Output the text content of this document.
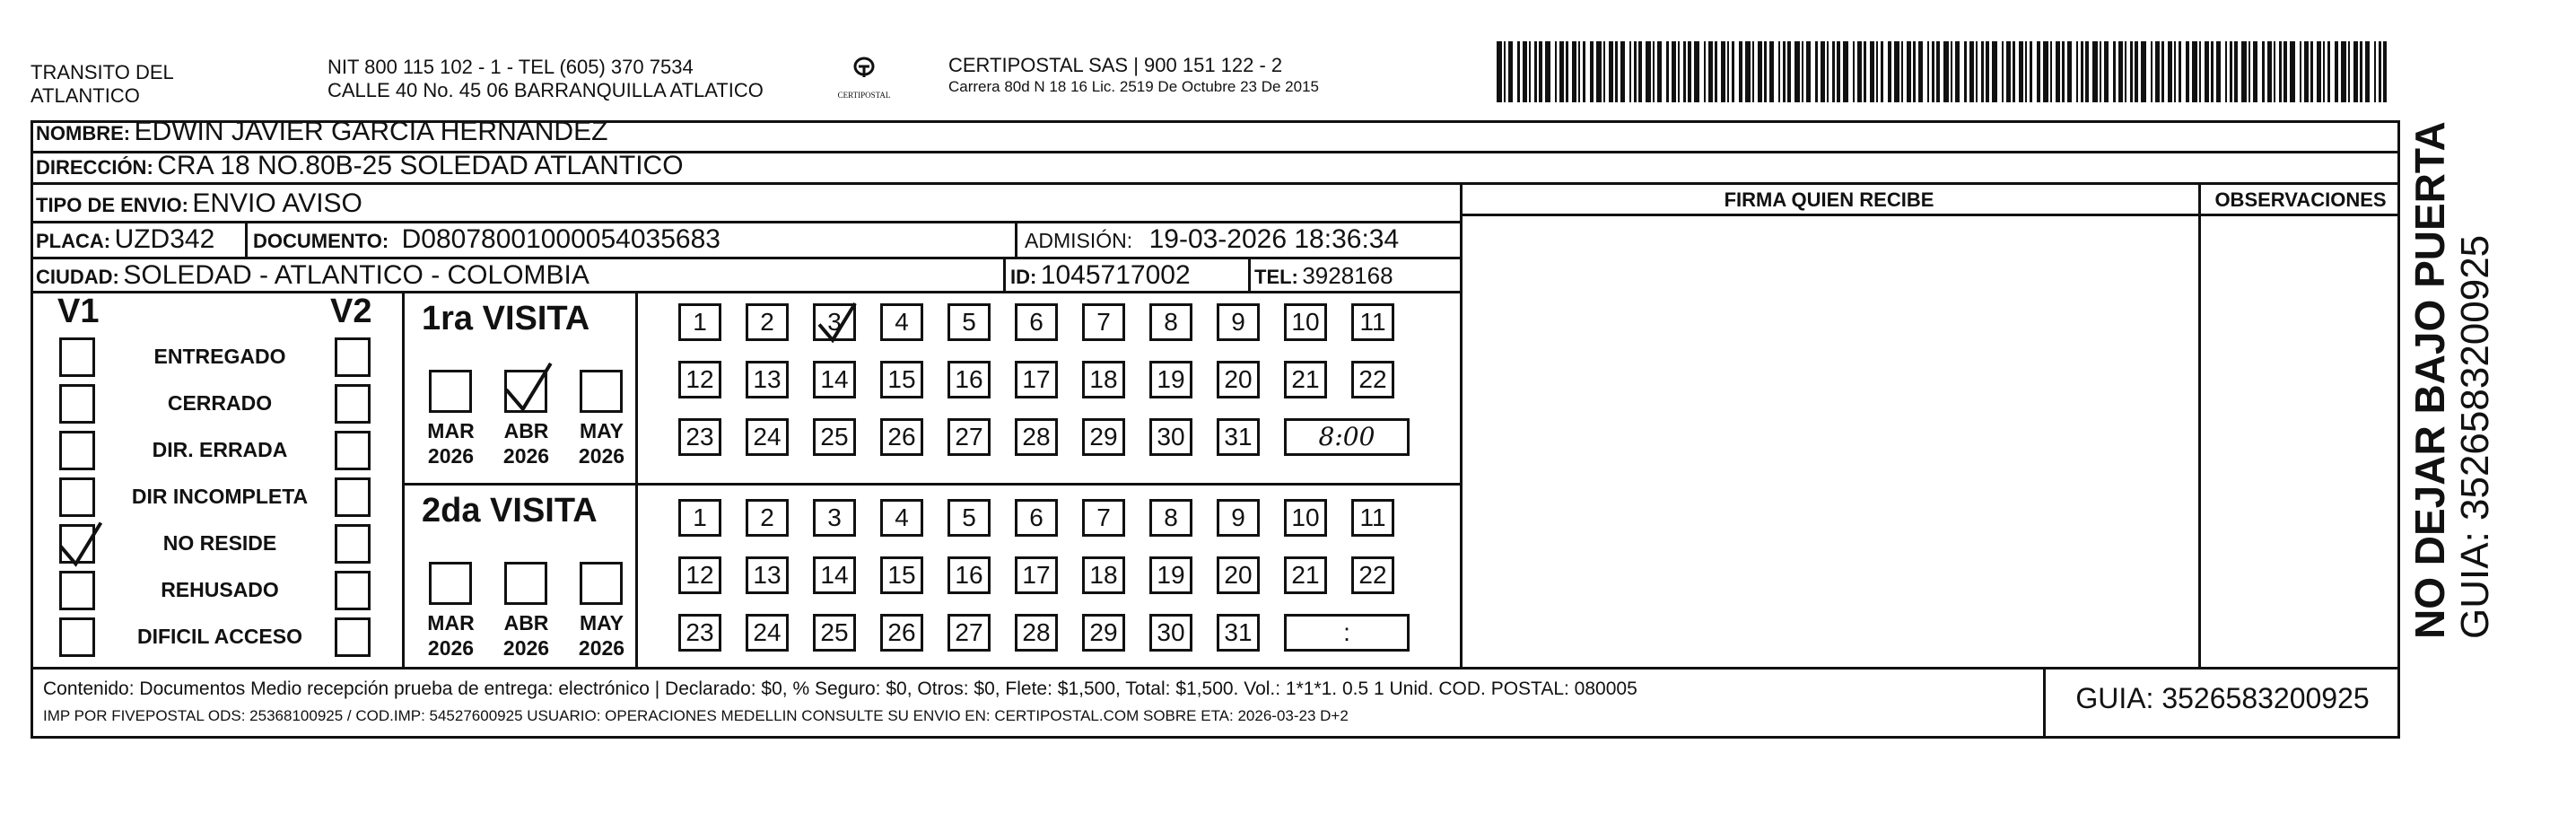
TRANSITO DEL
ATLANTICO
NIT 800 115 102 - 1 - TEL (605) 370 7534
CALLE 40 No. 45 06 BARRANQUILLA ATLATICO	CERTIPOSTAL
CERTIPOSTAL SAS | 900 151 122 - 2
Carrera 80d N 18 16 Lic. 2519 De Octubre 23 De 2015
NOMBRE: EDWIN JAVIER GARCIA HERNANDEZ
DIRECCIÓN: CRA 18 NO.80B-25 SOLEDAD ATLANTICO
TIPO DE ENVIO: ENVIO AVISO
PLACA: UZD342 DOCUMENTO: D08078001000054035683	ADMISIÓN: 19-03-2026 18:36:34
CIUDAD: SOLEDAD - ATLANTICO - COLOMBIA	ID: 1045717002	TEL: 3928168
FIRMA QUIEN RECIBE	OBSERVACIONES
V1	V2 1ra VISITA
2da VISITA	NO DEJAR BAJO PUERTA GUIA: 3526583200925
Contenido: Documentos Medio recepción prueba de entrega: electrónico | Declarado: $0, % Seguro: $0, Otros: $0, Flete: $1,500, Total: $1,500. Vol.: 1*1*1. 0.5 1 Unid. COD. POSTAL: 080005
IMP POR FIVEPOSTAL ODS: 25368100925 / COD.IMP: 54527600925 USUARIO: OPERACIONES MEDELLIN CONSULTE SU ENVIO EN: CERTIPOSTAL.COM SOBRE ETA: 2026-03-23 D+2
GUIA: 3526583200925
ENTREGADO
CERRADO
DIR. ERRADA
DIR INCOMPLETA
NO RESIDE
REHUSADO
DIFICIL ACCESO
MAR
2026
ABR
2026
MAY
2026
MAR
2026
ABR
2026
MAY
2026
1	2	3	4	5	6	7	8	9	10	11
12	13	14	15	16	17	18	19	20	21	22
23	24	25	26	27	28	29	30	31	8:00
1	2	3	4	5	6	7	8	9	10	11
12	13	14	15	16	17	18	19	20	21	22
23	24	25	26	27	28	29	30	31	:
